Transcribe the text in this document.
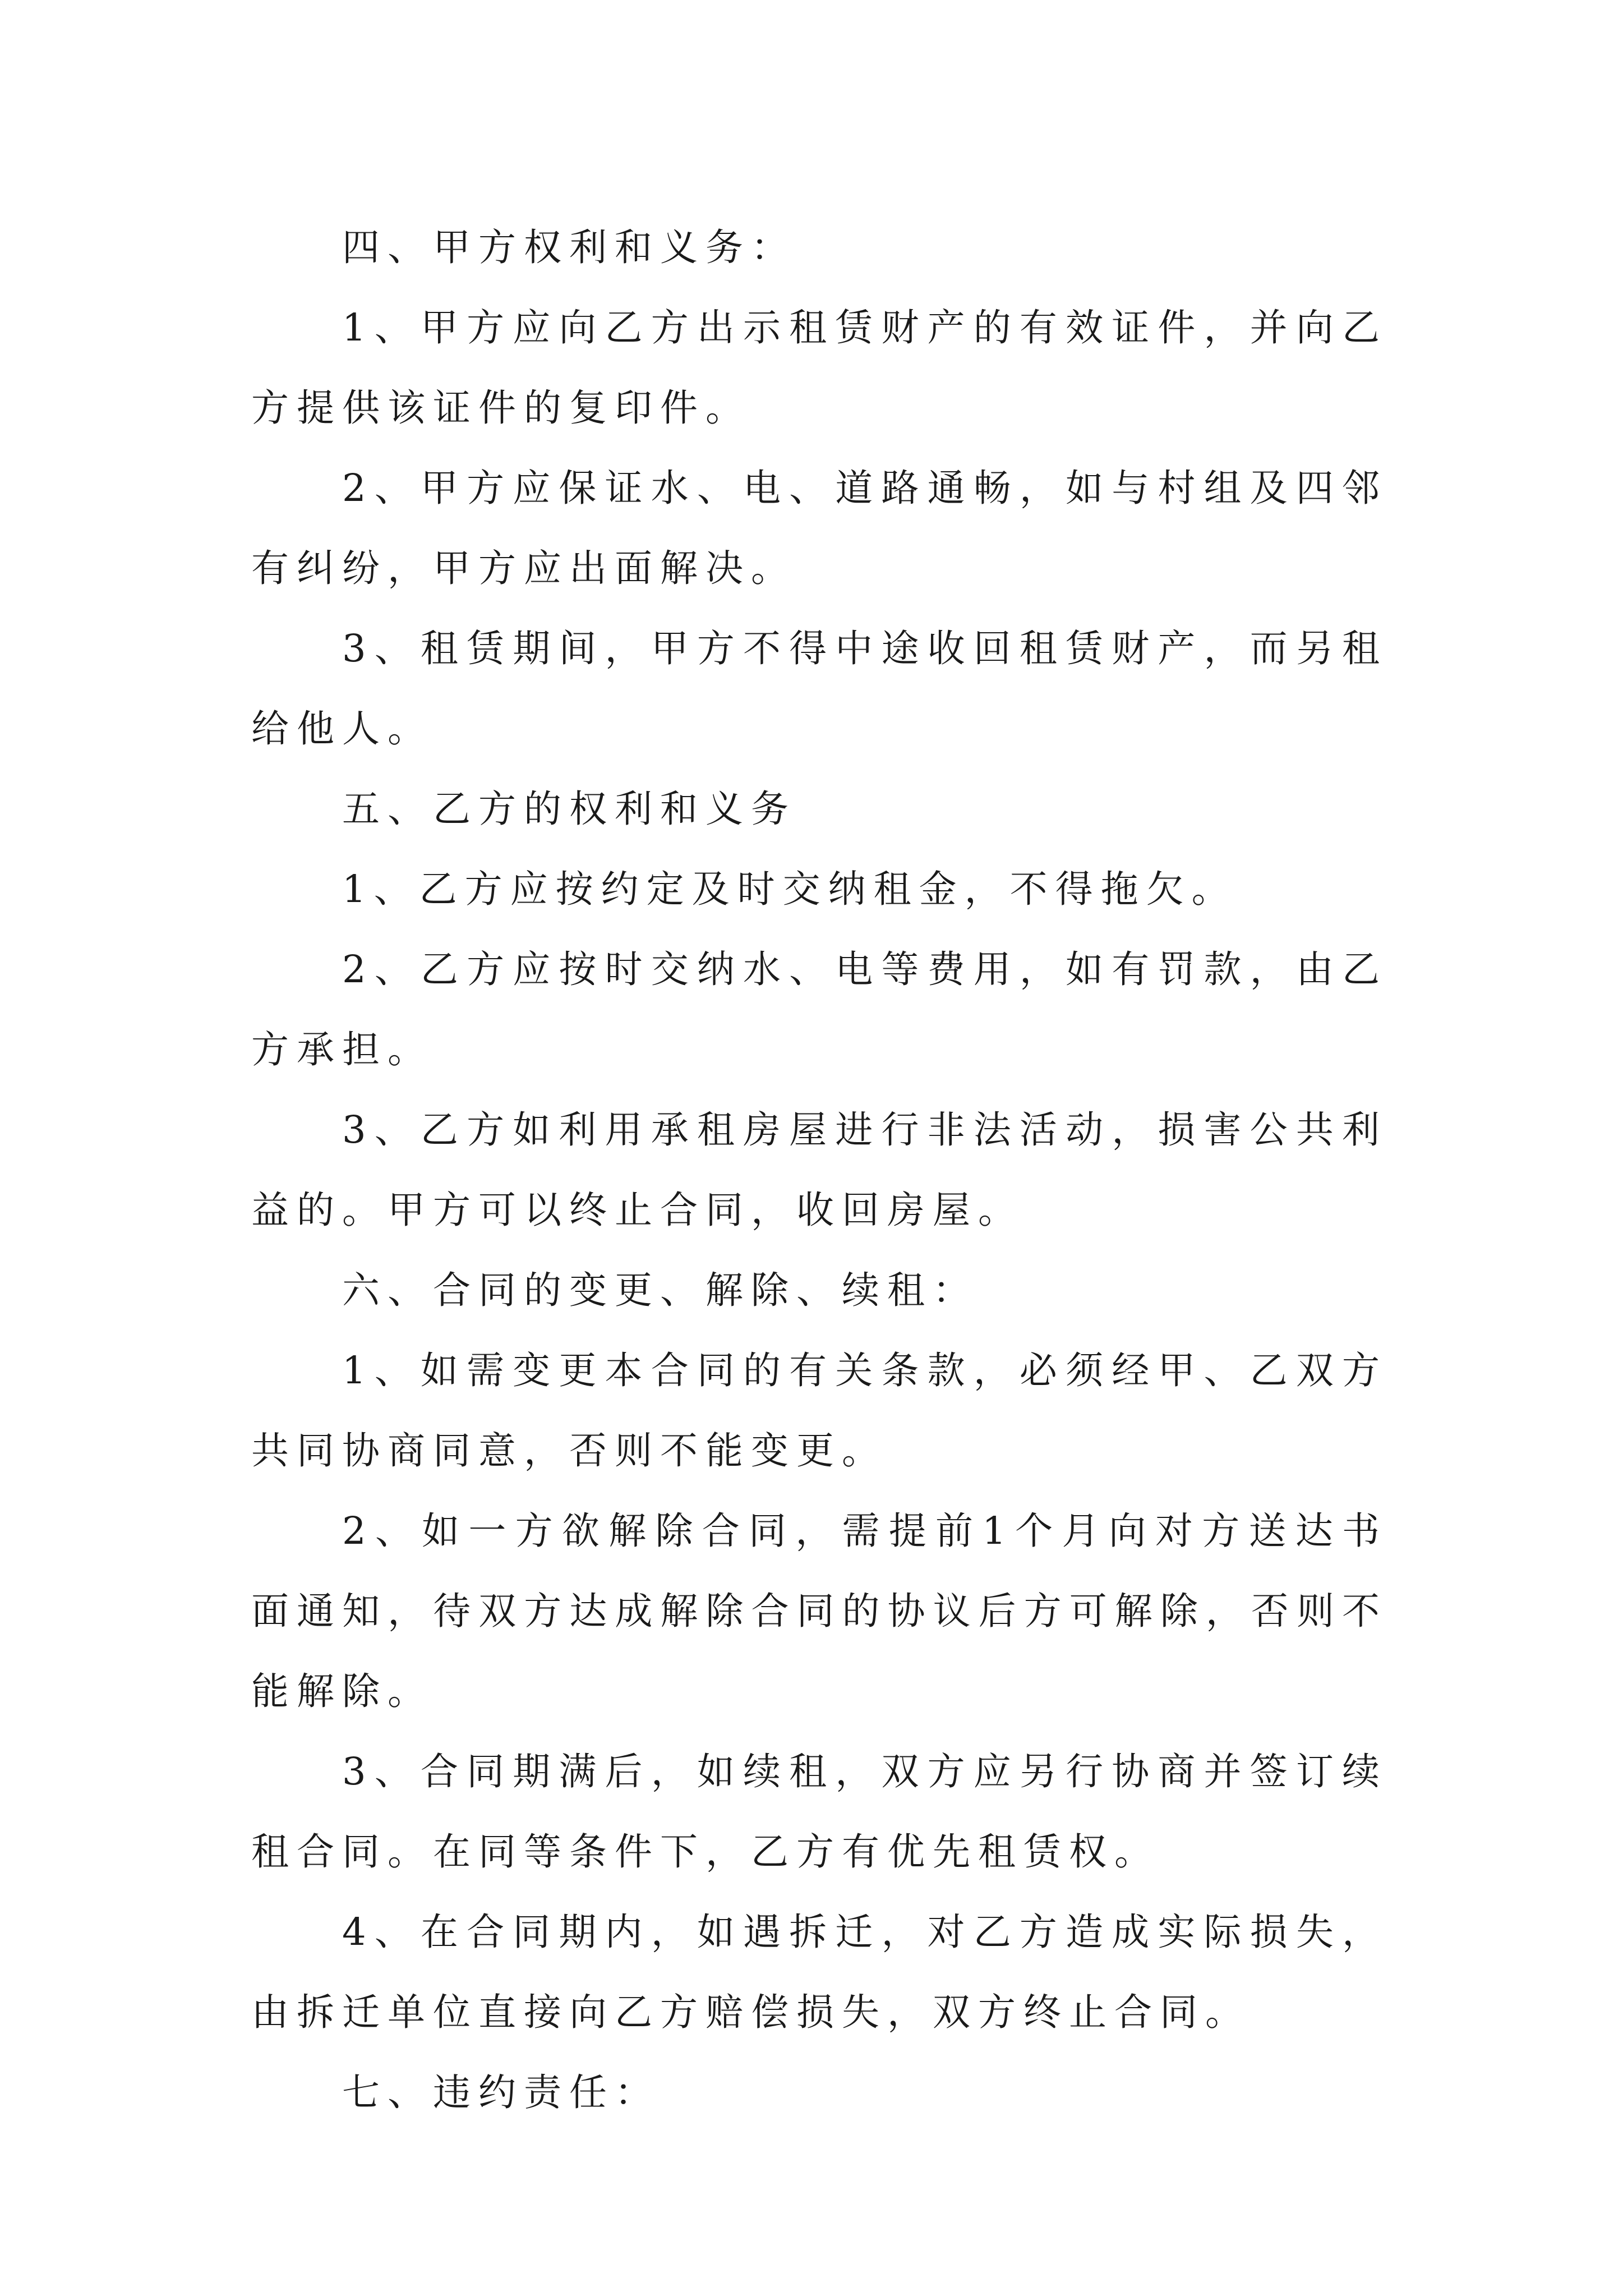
四、甲方权利和义务：

1、甲方应向乙方出示租赁财产的有效证件，并向乙方提供该证件的复印件。

2、甲方应保证水、电、道路通畅，如与村组及四邻有纠纷，甲方应出面解决。

3、租赁期间，甲方不得中途收回租赁财产，而另租给他人。

五、乙方的权利和义务

1、乙方应按约定及时交纳租金，不得拖欠。

2、乙方应按时交纳水、电等费用，如有罚款，由乙方承担。

3、乙方如利用承租房屋进行非法活动，损害公共利益的。甲方可以终止合同，收回房屋。

六、合同的变更、解除、续租：

1、如需变更本合同的有关条款，必须经甲、乙双方共同协商同意，否则不能变更。

2、如一方欲解除合同，需提前1个月向对方送达书面通知，待双方达成解除合同的协议后方可解除，否则不能解除。

3、合同期满后，如续租，双方应另行协商并签订续租合同。在同等条件下，乙方有优先租赁权。

4、在合同期内，如遇拆迁，对乙方造成实际损失，由拆迁单位直接向乙方赔偿损失，双方终止合同。

七、违约责任：
